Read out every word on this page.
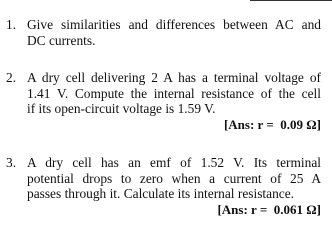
1. Give similarities and differences between AC and
DC currents.
2. A dry cell delivering 2 A has a terminal voltage of
1.41 V. Compute the internal resistance of the cell
if its open-circuit voltage is 1.59 V.
[Ans: r =  0.09 Ω]
3. A dry cell has an emf of 1.52 V. Its terminal
potential drops to zero when a current of 25 A
passes through it. Calculate its internal resistance.
[Ans: r =  0.061 Ω]
